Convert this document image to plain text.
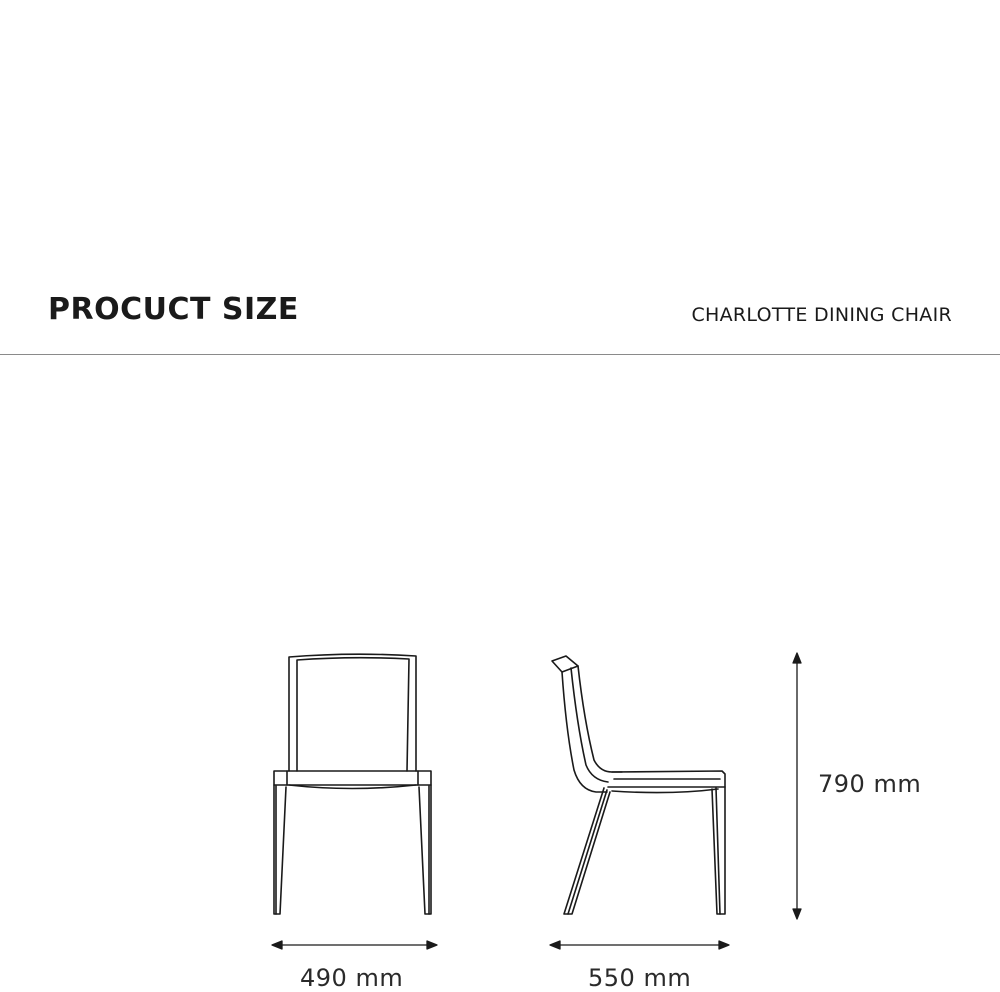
PROCUCT SIZE	CHARLOTTE DINING CHAIR
490 mm	550 mm
790 mm
